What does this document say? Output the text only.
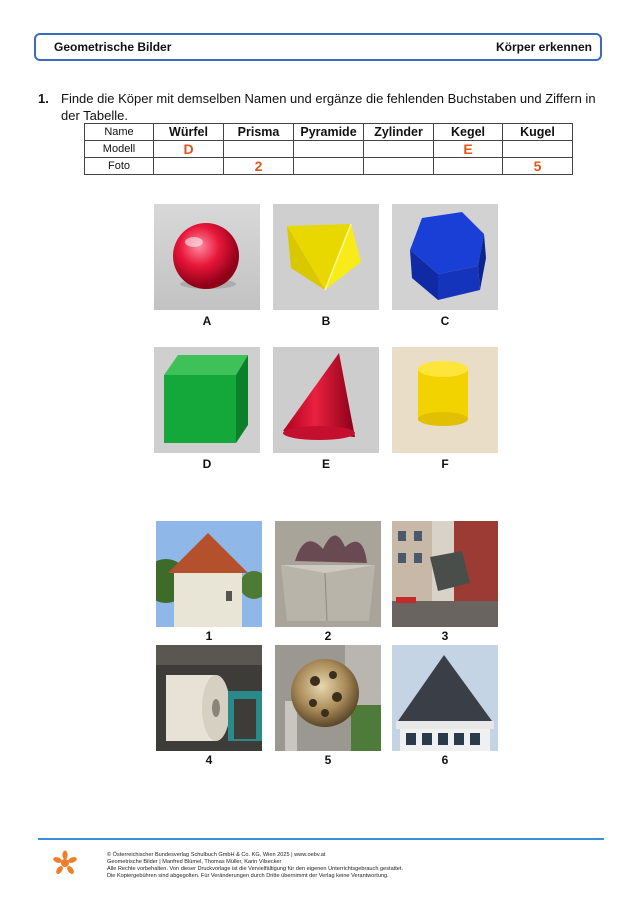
Geometrische Bilder	Körper erkennen
1. Finde die Köper mit demselben Namen und ergänze die fehlenden Buchstaben und Ziffern in der Tabelle.
Name	Würfel	Prisma	Pyramide	Zylinder	Kegel	Kugel
Modell	D				E	
Foto		2				5
A	B	C
D	E	F
1	2	3
4	5	6
© Österreichischer Bundesverlag Schulbuch GmbH & Co. KG, Wien 2025 | www.oebv.at
Geometrische Bilder | Manfred Blümel, Thomas Müller, Karin Vilsecker
Alle Rechte vorbehalten. Von dieser Druckvorlage ist die Vervielfältigung für den eigenen Unterrichtsgebrauch gestattet.
Die Kopiergebühren sind abgegolten. Für Veränderungen durch Dritte übernimmt der Verlag keine Verantwortung.
